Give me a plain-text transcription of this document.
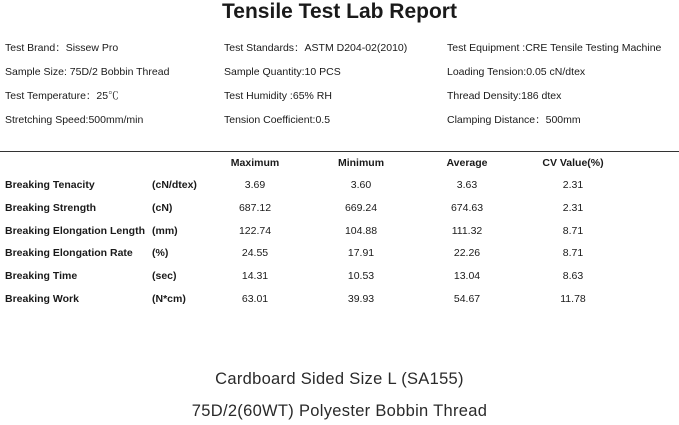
Tensile Test Lab Report
Test Brand：Sissew Pro	Test Standards：ASTM D204-02(2010)	Test Equipment :CRE Tensile Testing Machine
Sample Size: 75D/2 Bobbin Thread	Sample Quantity:10 PCS	Loading Tension:0.05 cN/dtex
Test Temperature：25℃	Test Humidity :65% RH	Thread Density:186 dtex
Stretching Speed:500mm/min	Tension Coefficient:0.5	Clamping Distance：500mm
		Maximum	Minimum	Average	CV Value(%)
Breaking Tenacity	(cN/dtex)	3.69	3.60	3.63	2.31
Breaking Strength	(cN)	687.12	669.24	674.63	2.31
Breaking Elongation Length	(mm)	122.74	104.88	111.32	8.71
Breaking Elongation Rate	(%)	24.55	17.91	22.26	8.71
Breaking Time	(sec)	14.31	10.53	13.04	8.63
Breaking Work	(N*cm)	63.01	39.93	54.67	11.78
Cardboard Sided Size L (SA155)
75D/2(60WT) Polyester Bobbin Thread
